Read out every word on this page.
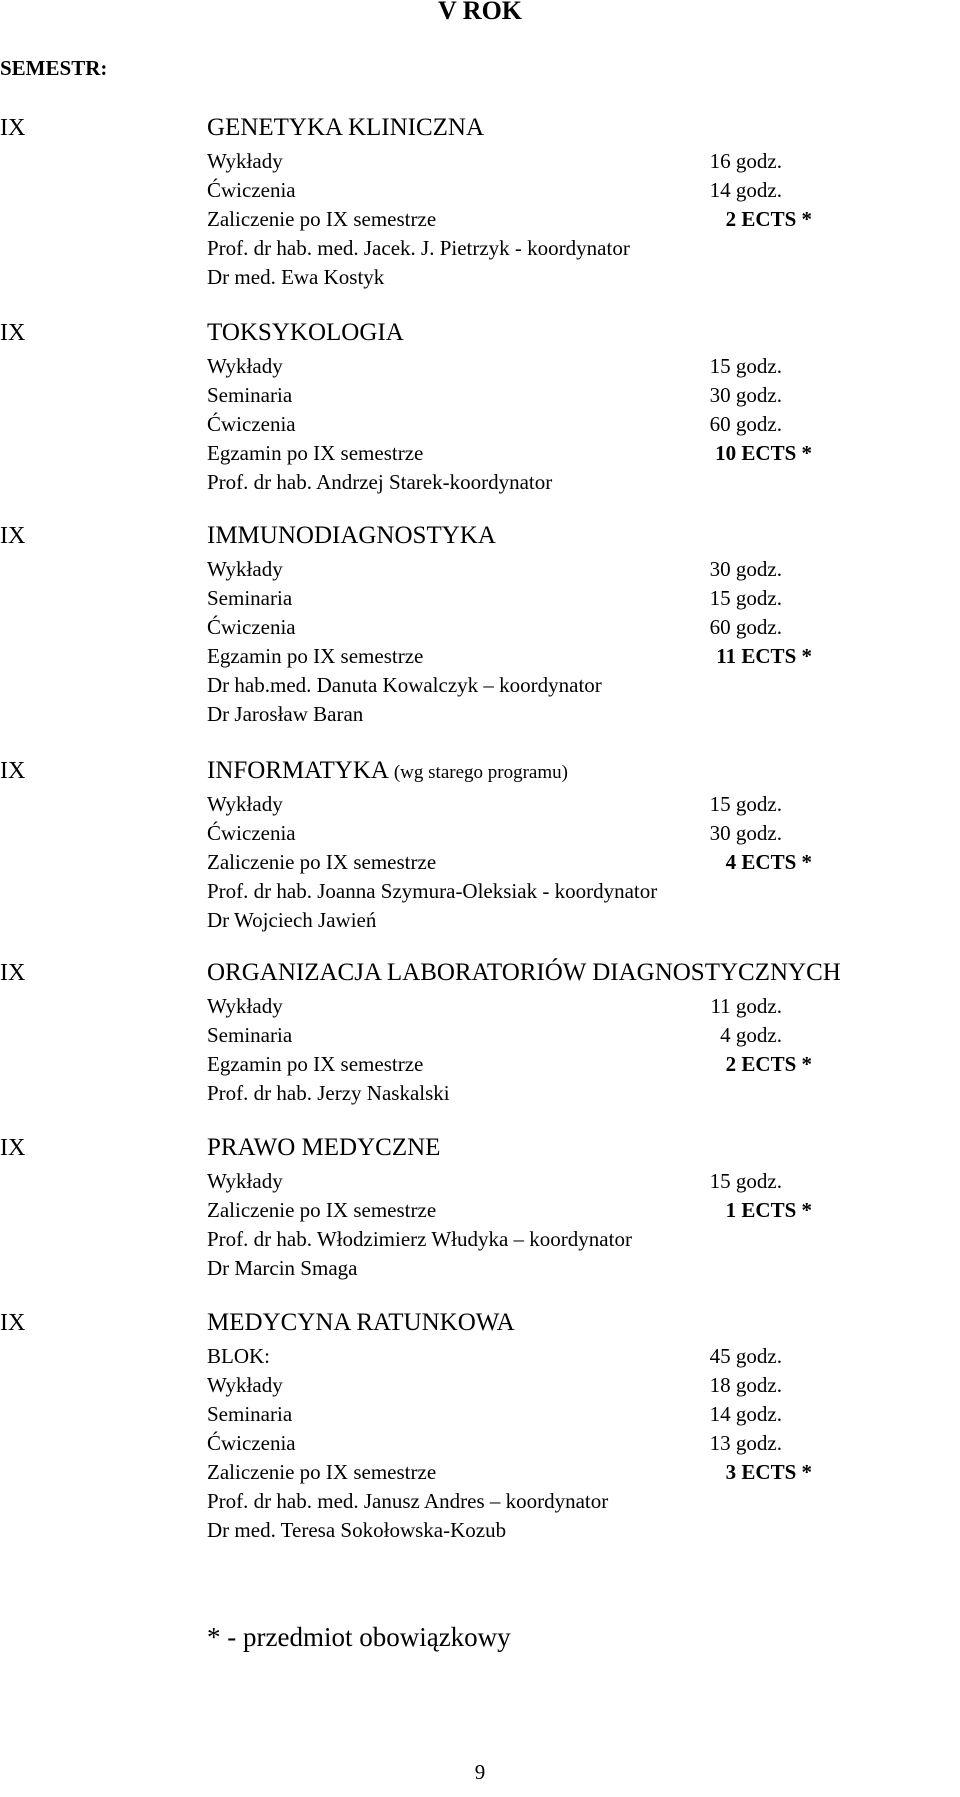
V ROK
SEMESTR:
IX	GENETYKA KLINICZNA
Wykłady	16 godz.
Ćwiczenia	14 godz.
Zaliczenie po IX semestrze	2 ECTS *
Prof. dr hab. med. Jacek. J. Pietrzyk - koordynator
Dr med. Ewa Kostyk
IX	TOKSYKOLOGIA
Wykłady	15 godz.
Seminaria	30 godz.
Ćwiczenia	60 godz.
Egzamin po IX semestrze	10 ECTS *
Prof. dr hab. Andrzej Starek-koordynator
IX	IMMUNODIAGNOSTYKA
Wykłady	30 godz.
Seminaria	15 godz.
Ćwiczenia	60 godz.
Egzamin po IX semestrze	11 ECTS *
Dr hab.med. Danuta Kowalczyk – koordynator
Dr Jarosław Baran
IX	INFORMATYKA (wg starego programu)
Wykłady	15 godz.
Ćwiczenia	30 godz.
Zaliczenie po IX semestrze	4 ECTS *
Prof. dr hab. Joanna Szymura-Oleksiak - koordynator
Dr Wojciech Jawień
IX	ORGANIZACJA LABORATORIÓW DIAGNOSTYCZNYCH
Wykłady	11 godz.
Seminaria	4 godz.
Egzamin po IX semestrze	2 ECTS *
Prof. dr hab. Jerzy Naskalski
IX	PRAWO MEDYCZNE
Wykłady	15 godz.
Zaliczenie po IX semestrze	1 ECTS *
Prof. dr hab. Włodzimierz Włudyka – koordynator
Dr Marcin Smaga
IX	MEDYCYNA RATUNKOWA
BLOK:	45 godz.
Wykłady	18 godz.
Seminaria	14 godz.
Ćwiczenia	13 godz.
Zaliczenie po IX semestrze	3 ECTS *
Prof. dr hab. med. Janusz Andres – koordynator
Dr med. Teresa Sokołowska-Kozub
* - przedmiot obowiązkowy
9
